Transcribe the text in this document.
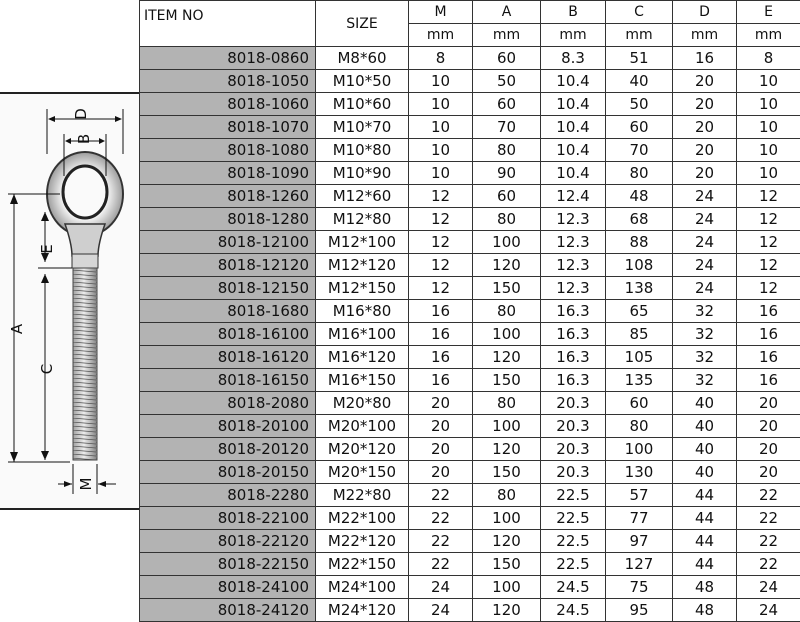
D
B
A
E
C
M
ITEM NO	SIZE	M	A	B	C	D	E
		mm	mm	mm	mm	mm	mm
8018-0860	M8*60	8	60	8.3	51	16	8
8018-1050	M10*50	10	50	10.4	40	20	10
8018-1060	M10*60	10	60	10.4	50	20	10
8018-1070	M10*70	10	70	10.4	60	20	10
8018-1080	M10*80	10	80	10.4	70	20	10
8018-1090	M10*90	10	90	10.4	80	20	10
8018-1260	M12*60	12	60	12.4	48	24	12
8018-1280	M12*80	12	80	12.3	68	24	12
8018-12100	M12*100	12	100	12.3	88	24	12
8018-12120	M12*120	12	120	12.3	108	24	12
8018-12150	M12*150	12	150	12.3	138	24	12
8018-1680	M16*80	16	80	16.3	65	32	16
8018-16100	M16*100	16	100	16.3	85	32	16
8018-16120	M16*120	16	120	16.3	105	32	16
8018-16150	M16*150	16	150	16.3	135	32	16
8018-2080	M20*80	20	80	20.3	60	40	20
8018-20100	M20*100	20	100	20.3	80	40	20
8018-20120	M20*120	20	120	20.3	100	40	20
8018-20150	M20*150	20	150	20.3	130	40	20
8018-2280	M22*80	22	80	22.5	57	44	22
8018-22100	M22*100	22	100	22.5	77	44	22
8018-22120	M22*120	22	120	22.5	97	44	22
8018-22150	M22*150	22	150	22.5	127	44	22
8018-24100	M24*100	24	100	24.5	75	48	24
8018-24120	M24*120	24	120	24.5	95	48	24
